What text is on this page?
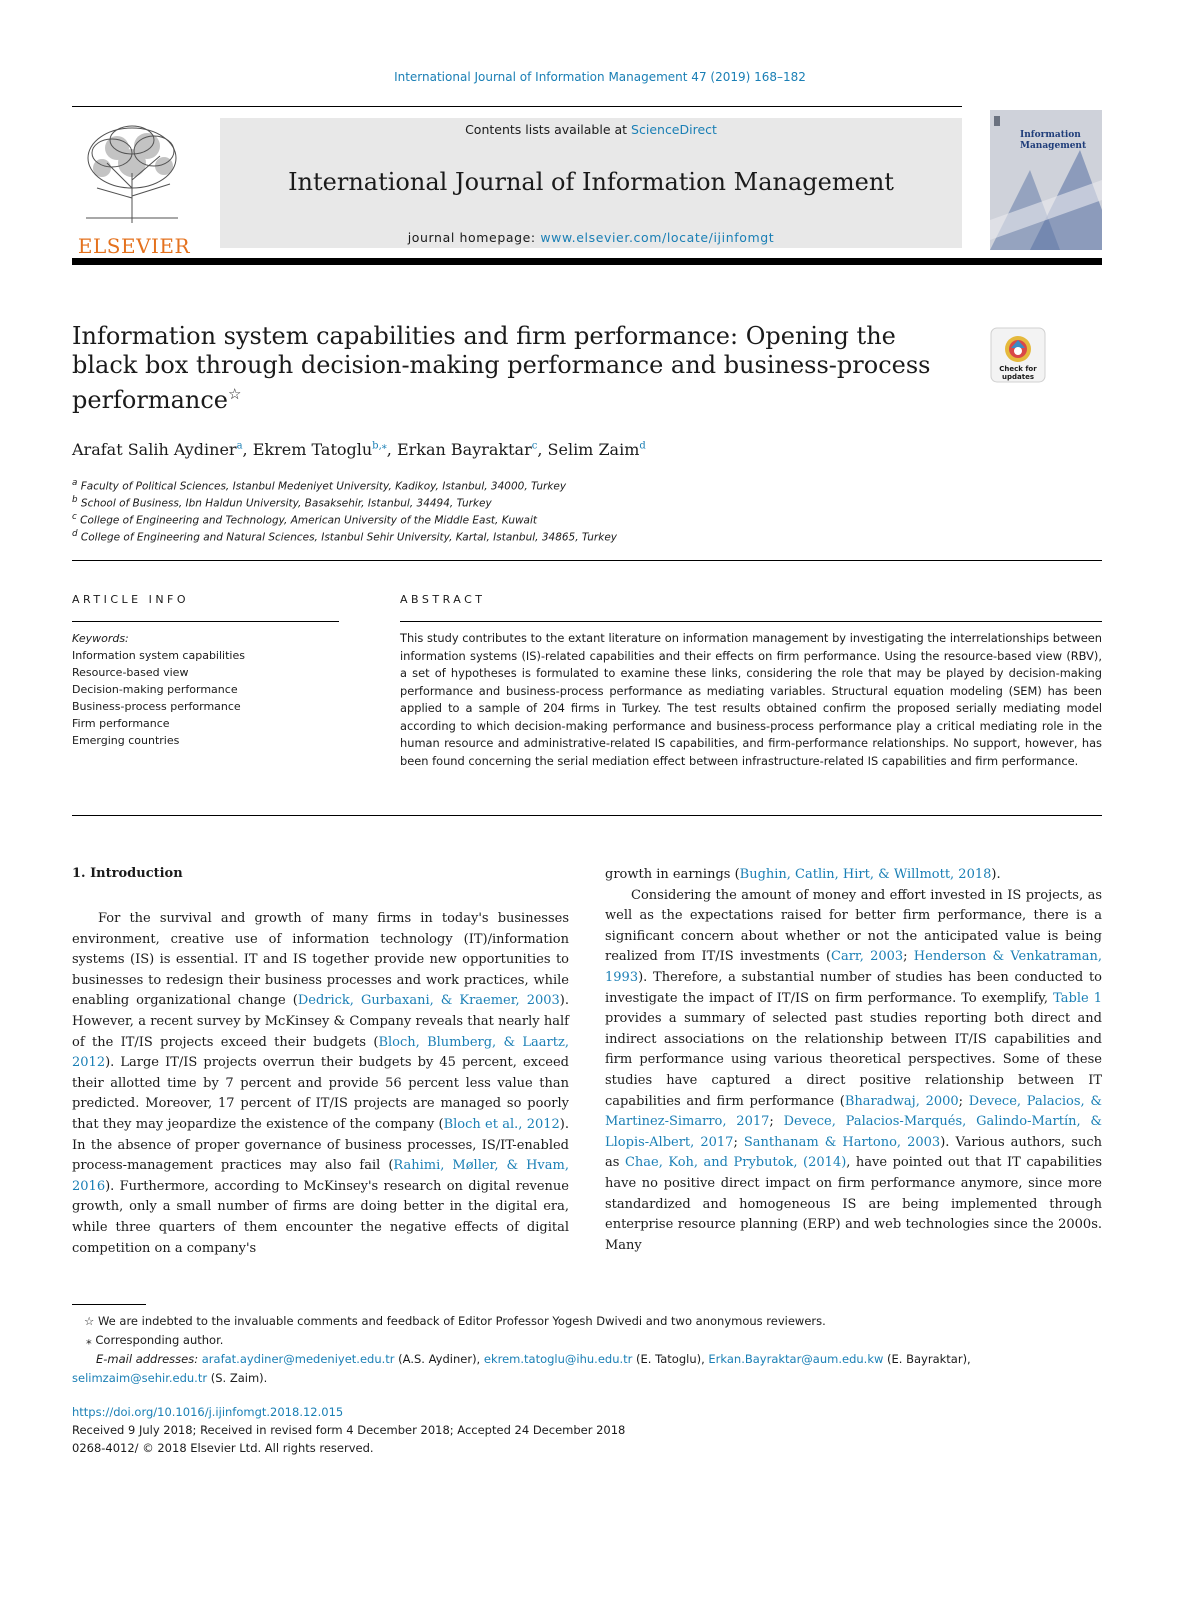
International Journal of Information Management 47 (2019) 168–182
ELSEVIER
Contents lists available at ScienceDirect
International Journal of Information Management
journal homepage: www.elsevier.com/locate/ijinfomgt
Information
Management
Information system capabilities and firm performance: Opening the black box through decision-making performance and business-process performance☆
Check for updates
Arafat Salih Aydiner$^a$, Ekrem Tatoglu$^{b,⁎}$, Erkan Bayraktar$^c$, Selim Zaim$^d$
$^a$ Faculty of Political Sciences, Istanbul Medeniyet University, Kadikoy, Istanbul, 34000, Turkey
$^b$ School of Business, Ibn Haldun University, Basaksehir, Istanbul, 34494, Turkey
$^c$ College of Engineering and Technology, American University of the Middle East, Kuwait
$^d$ College of Engineering and Natural Sciences, Istanbul Sehir University, Kartal, Istanbul, 34865, Turkey
ARTICLE INFO	ABSTRACT
Keywords:
Information system capabilities
Resource-based view
Decision-making performance
Business-process performance
Firm performance
Emerging countries
This study contributes to the extant literature on information management by investigating the interrelationships between information systems (IS)-related capabilities and their effects on firm performance. Using the resource-based view (RBV), a set of hypotheses is formulated to examine these links, considering the role that may be played by decision-making performance and business-process performance as mediating variables. Structural equation modeling (SEM) has been applied to a sample of 204 firms in Turkey. The test results obtained confirm the proposed serially mediating model according to which decision-making performance and business-process performance play a critical mediating role in the human resource and administrative-related IS capabilities, and firm-performance relationships. No support, however, has been found concerning the serial mediation effect between infrastructure-related IS capabilities and firm performance.
1. Introduction

For the survival and growth of many firms in today's businesses environment, creative use of information technology (IT)/information systems (IS) is essential. IT and IS together provide new opportunities to businesses to redesign their business processes and work practices, while enabling organizational change (Dedrick, Gurbaxani, & Kraemer, 2003). However, a recent survey by McKinsey & Company reveals that nearly half of the IT/IS projects exceed their budgets (Bloch, Blumberg, & Laartz, 2012). Large IT/IS projects overrun their budgets by 45 percent, exceed their allotted time by 7 percent and provide 56 percent less value than predicted. Moreover, 17 percent of IT/IS projects are managed so poorly that they may jeopardize the existence of the company (Bloch et al., 2012). In the absence of proper governance of business processes, IS/IT-enabled process-management practices may also fail (Rahimi, Møller, & Hvam, 2016). Furthermore, according to McKinsey's research on digital revenue growth, only a small number of firms are doing better in the digital era, while three quarters of them encounter the negative effects of digital competition on a company's

growth in earnings (Bughin, Catlin, Hirt, & Willmott, 2018).

Considering the amount of money and effort invested in IS projects, as well as the expectations raised for better firm performance, there is a significant concern about whether or not the anticipated value is being realized from IT/IS investments (Carr, 2003; Henderson & Venkatraman, 1993). Therefore, a substantial number of studies has been conducted to investigate the impact of IT/IS on firm performance. To exemplify, Table 1 provides a summary of selected past studies reporting both direct and indirect associations on the relationship between IT/IS capabilities and firm performance using various theoretical perspectives. Some of these studies have captured a direct positive relationship between IT capabilities and firm performance (Bharadwaj, 2000; Devece, Palacios, & Martinez-Simarro, 2017; Devece, Palacios-Marqués, Galindo-Martín, & Llopis-Albert, 2017; Santhanam & Hartono, 2003). Various authors, such as Chae, Koh, and Prybutok, (2014), have pointed out that IT capabilities have no positive direct impact on firm performance anymore, since more standardized and homogeneous IS are being implemented through enterprise resource planning (ERP) and web technologies since the 2000s. Many

☆ We are indebted to the invaluable comments and feedback of Editor Professor Yogesh Dwivedi and two anonymous reviewers.
⁎ Corresponding author.
E-mail addresses: arafat.aydiner@medeniyet.edu.tr (A.S. Aydiner), ekrem.tatoglu@ihu.edu.tr (E. Tatoglu), Erkan.Bayraktar@aum.edu.kw (E. Bayraktar), selimzaim@sehir.edu.tr (S. Zaim).
https://doi.org/10.1016/j.ijinfomgt.2018.12.015
Received 9 July 2018; Received in revised form 4 December 2018; Accepted 24 December 2018
0268-4012/ © 2018 Elsevier Ltd. All rights reserved.
